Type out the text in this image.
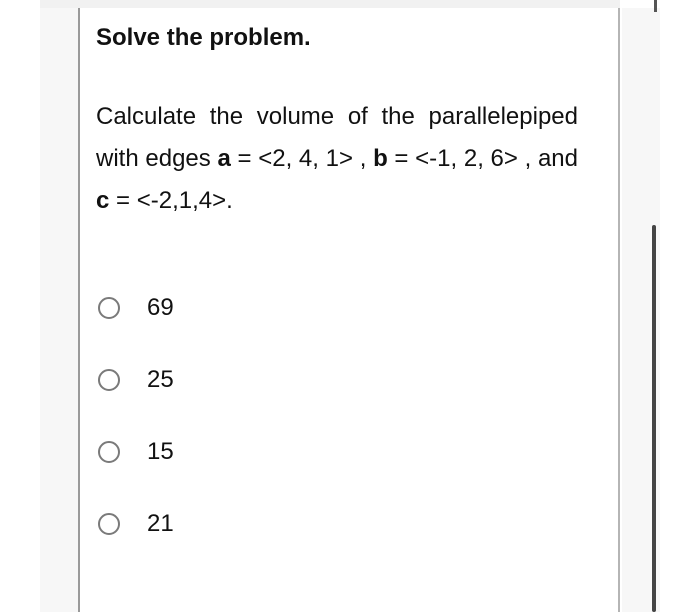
Solve the problem.

Calculate the volume of the parallelepiped with edges a = <2, 4, 1> , b = <-1, 2, 6> , and c = <-2,1,4>.

69
25
15
21
